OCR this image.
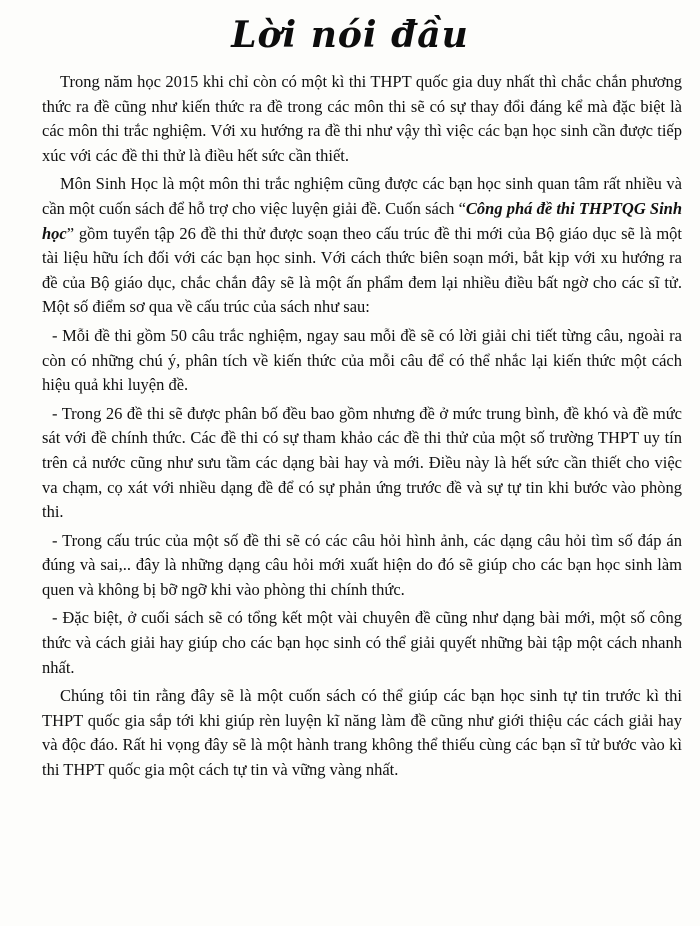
Lời nói đầu

Trong năm học 2015 khi chỉ còn có một kì thi THPT quốc gia duy nhất thì chắc chắn phương thức ra đề cũng như kiến thức ra đề trong các môn thi sẽ có sự thay đổi đáng kể mà đặc biệt là các môn thi trắc nghiệm. Với xu hướng ra đề thi như vậy thì việc các bạn học sinh cần được tiếp xúc với các đề thi thử là điều hết sức cần thiết.

Môn Sinh Học là một môn thi trắc nghiệm cũng được các bạn học sinh quan tâm rất nhiều và cần một cuốn sách để hỗ trợ cho việc luyện giải đề. Cuốn sách “Công phá đề thi THPTQG Sinh học” gồm tuyển tập 26 đề thi thử được soạn theo cấu trúc đề thi mới của Bộ giáo dục sẽ là một tài liệu hữu ích đối với các bạn học sinh. Với cách thức biên soạn mới, bắt kịp với xu hướng ra đề của Bộ giáo dục, chắc chắn đây sẽ là một ấn phẩm đem lại nhiều điều bất ngờ cho các sĩ tử. Một số điểm sơ qua về cấu trúc của sách như sau:

- Mỗi đề thi gồm 50 câu trắc nghiệm, ngay sau mỗi đề sẽ có lời giải chi tiết từng câu, ngoài ra còn có những chú ý, phân tích về kiến thức của mỗi câu để có thể nhắc lại kiến thức một cách hiệu quả khi luyện đề.

- Trong 26 đề thi sẽ được phân bố đều bao gồm nhưng đề ở mức trung bình, đề khó và đề mức sát với đề chính thức. Các đề thi có sự tham khảo các đề thi thử của một số trường THPT uy tín trên cả nước cũng như sưu tầm các dạng bài hay và mới. Điều này là hết sức cần thiết cho việc va chạm, cọ xát với nhiều dạng đề để có sự phản ứng trước đề và sự tự tin khi bước vào phòng thi.

- Trong cấu trúc của một số đề thi sẽ có các câu hỏi hình ảnh, các dạng câu hỏi tìm số đáp án đúng và sai,.. đây là những dạng câu hỏi mới xuất hiện do đó sẽ giúp cho các bạn học sinh làm quen và không bị bỡ ngỡ khi vào phòng thi chính thức.

- Đặc biệt, ở cuối sách sẽ có tổng kết một vài chuyên đề cũng như dạng bài mới, một số công thức và cách giải hay giúp cho các bạn học sinh có thể giải quyết những bài tập một cách nhanh nhất.

Chúng tôi tin rằng đây sẽ là một cuốn sách có thể giúp các bạn học sinh tự tin trước kì thi THPT quốc gia sắp tới khi giúp rèn luyện kĩ năng làm đề cũng như giới thiệu các cách giải hay và độc đáo. Rất hi vọng đây sẽ là một hành trang không thể thiếu cùng các bạn sĩ tử bước vào kì thi THPT quốc gia một cách tự tin và vững vàng nhất.
